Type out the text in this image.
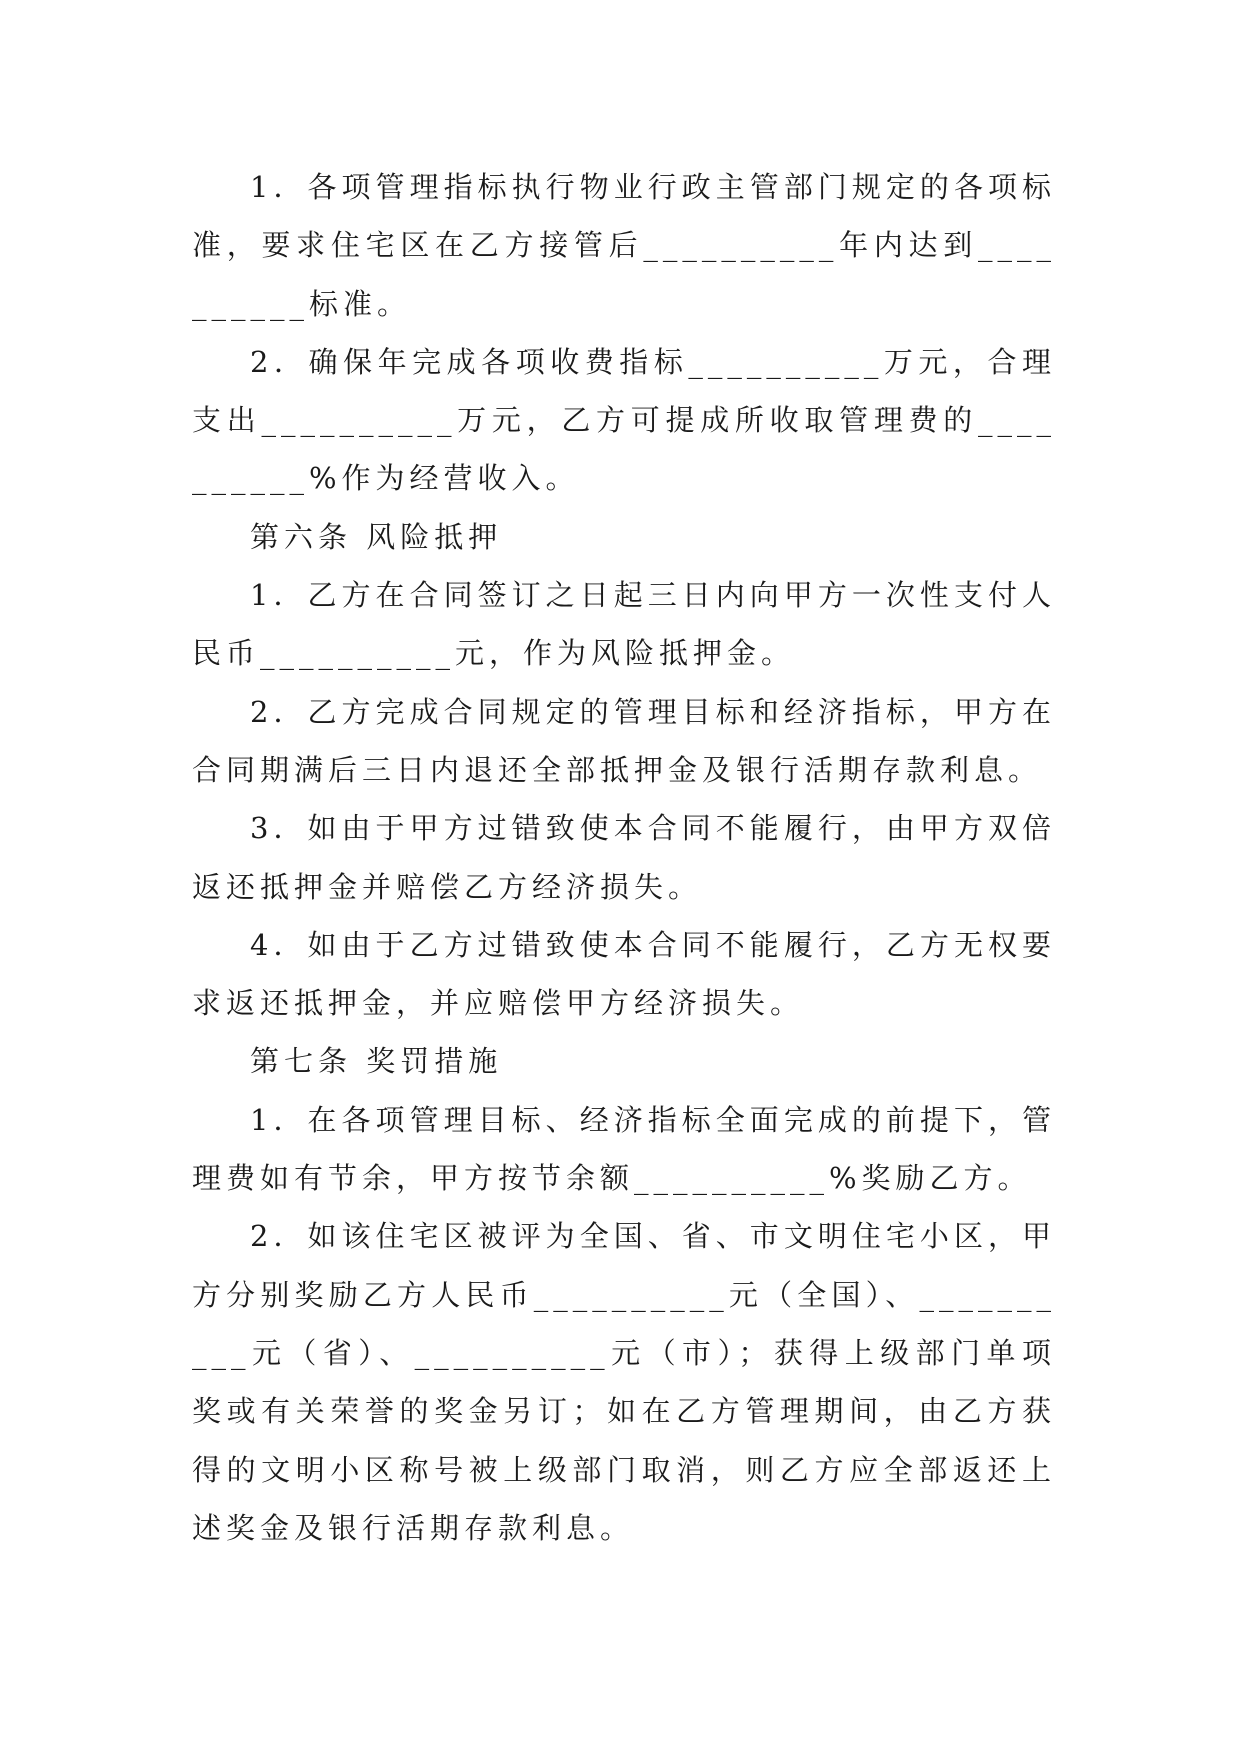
1．各项管理指标执行物业行政主管部门规定的各项标准，要求住宅区在乙方接管后__________年内达到__________标准。

2．确保年完成各项收费指标__________万元，合理支出__________万元，乙方可提成所收取管理费的__________%作为经营收入。

第六条 风险抵押

1．乙方在合同签订之日起三日内向甲方一次性支付人民币__________元，作为风险抵押金。

2．乙方完成合同规定的管理目标和经济指标，甲方在合同期满后三日内退还全部抵押金及银行活期存款利息。

3．如由于甲方过错致使本合同不能履行，由甲方双倍返还抵押金并赔偿乙方经济损失。

4．如由于乙方过错致使本合同不能履行，乙方无权要求返还抵押金，并应赔偿甲方经济损失。

第七条 奖罚措施

1．在各项管理目标、经济指标全面完成的前提下，管理费如有节余，甲方按节余额__________%奖励乙方。

2．如该住宅区被评为全国、省、市文明住宅小区，甲方分别奖励乙方人民币__________元（全国）、__________元（省）、__________元（市）；获得上级部门单项奖或有关荣誉的奖金另订；如在乙方管理期间，由乙方获得的文明小区称号被上级部门取消，则乙方应全部返还上述奖金及银行活期存款利息。
